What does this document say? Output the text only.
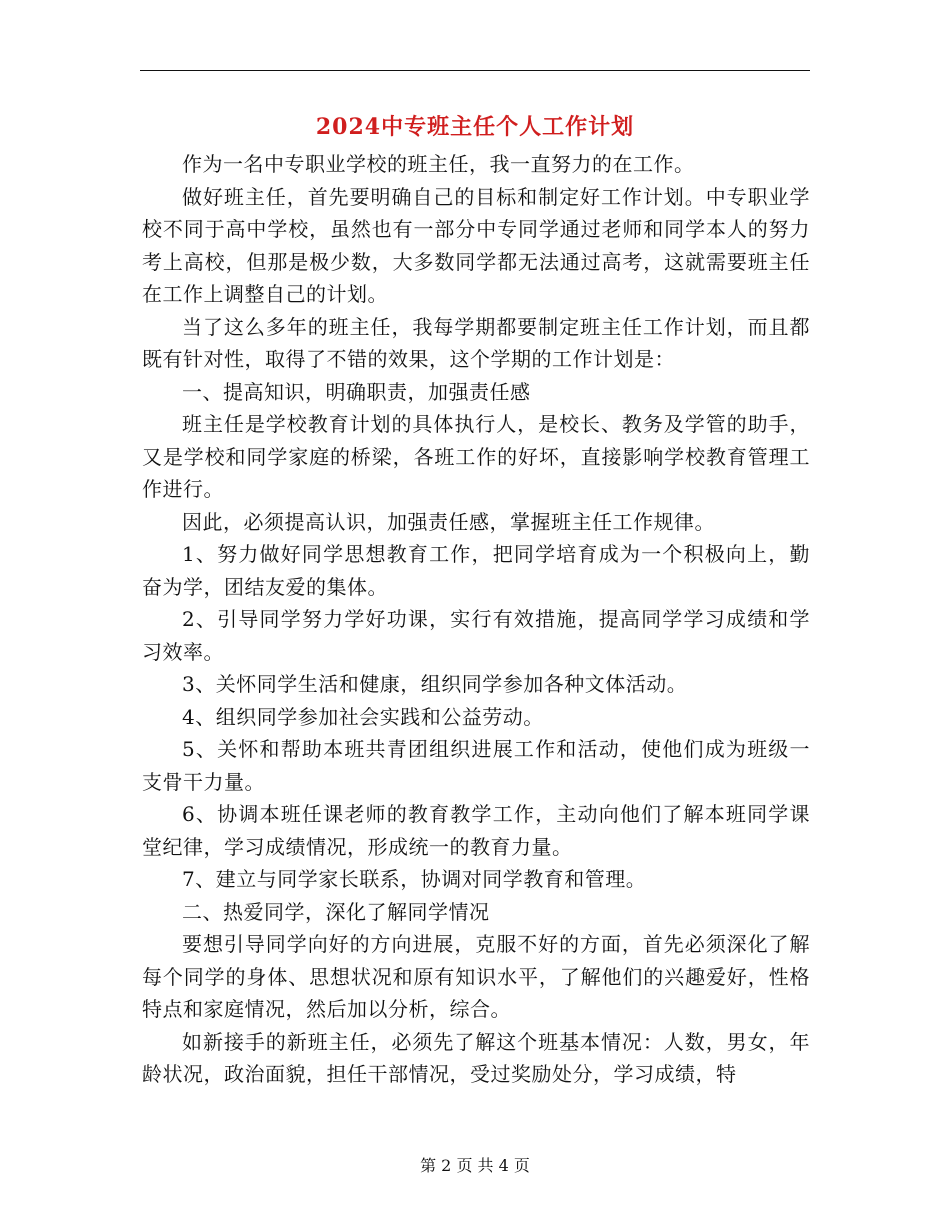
2024中专班主任个人工作计划

作为一名中专职业学校的班主任，我一直努力的在工作。

做好班主任，首先要明确自己的目标和制定好工作计划。中专职业学校不同于高中学校，虽然也有一部分中专同学通过老师和同学本人的努力考上高校，但那是极少数，大多数同学都无法通过高考，这就需要班主任在工作上调整自己的计划。

当了这么多年的班主任，我每学期都要制定班主任工作计划，而且都既有针对性，取得了不错的效果，这个学期的工作计划是：

一、提高知识，明确职责，加强责任感

班主任是学校教育计划的具体执行人，是校长、教务及学管的助手，又是学校和同学家庭的桥梁，各班工作的好坏，直接影响学校教育管理工作进行。

因此，必须提高认识，加强责任感，掌握班主任工作规律。

1、努力做好同学思想教育工作，把同学培育成为一个积极向上，勤奋为学，团结友爱的集体。

2、引导同学努力学好功课，实行有效措施，提高同学学习成绩和学习效率。

3、关怀同学生活和健康，组织同学参加各种文体活动。

4、组织同学参加社会实践和公益劳动。

5、关怀和帮助本班共青团组织进展工作和活动，使他们成为班级一支骨干力量。

6、协调本班任课老师的教育教学工作，主动向他们了解本班同学课堂纪律，学习成绩情况，形成统一的教育力量。

7、建立与同学家长联系，协调对同学教育和管理。

二、热爱同学，深化了解同学情况

要想引导同学向好的方向进展，克服不好的方面，首先必须深化了解每个同学的身体、思想状况和原有知识水平，了解他们的兴趣爱好，性格特点和家庭情况，然后加以分析，综合。

如新接手的新班主任，必须先了解这个班基本情况：人数，男女，年龄状况，政治面貌，担任干部情况，受过奖励处分，学习成绩，特

第 2 页 共 4 页
